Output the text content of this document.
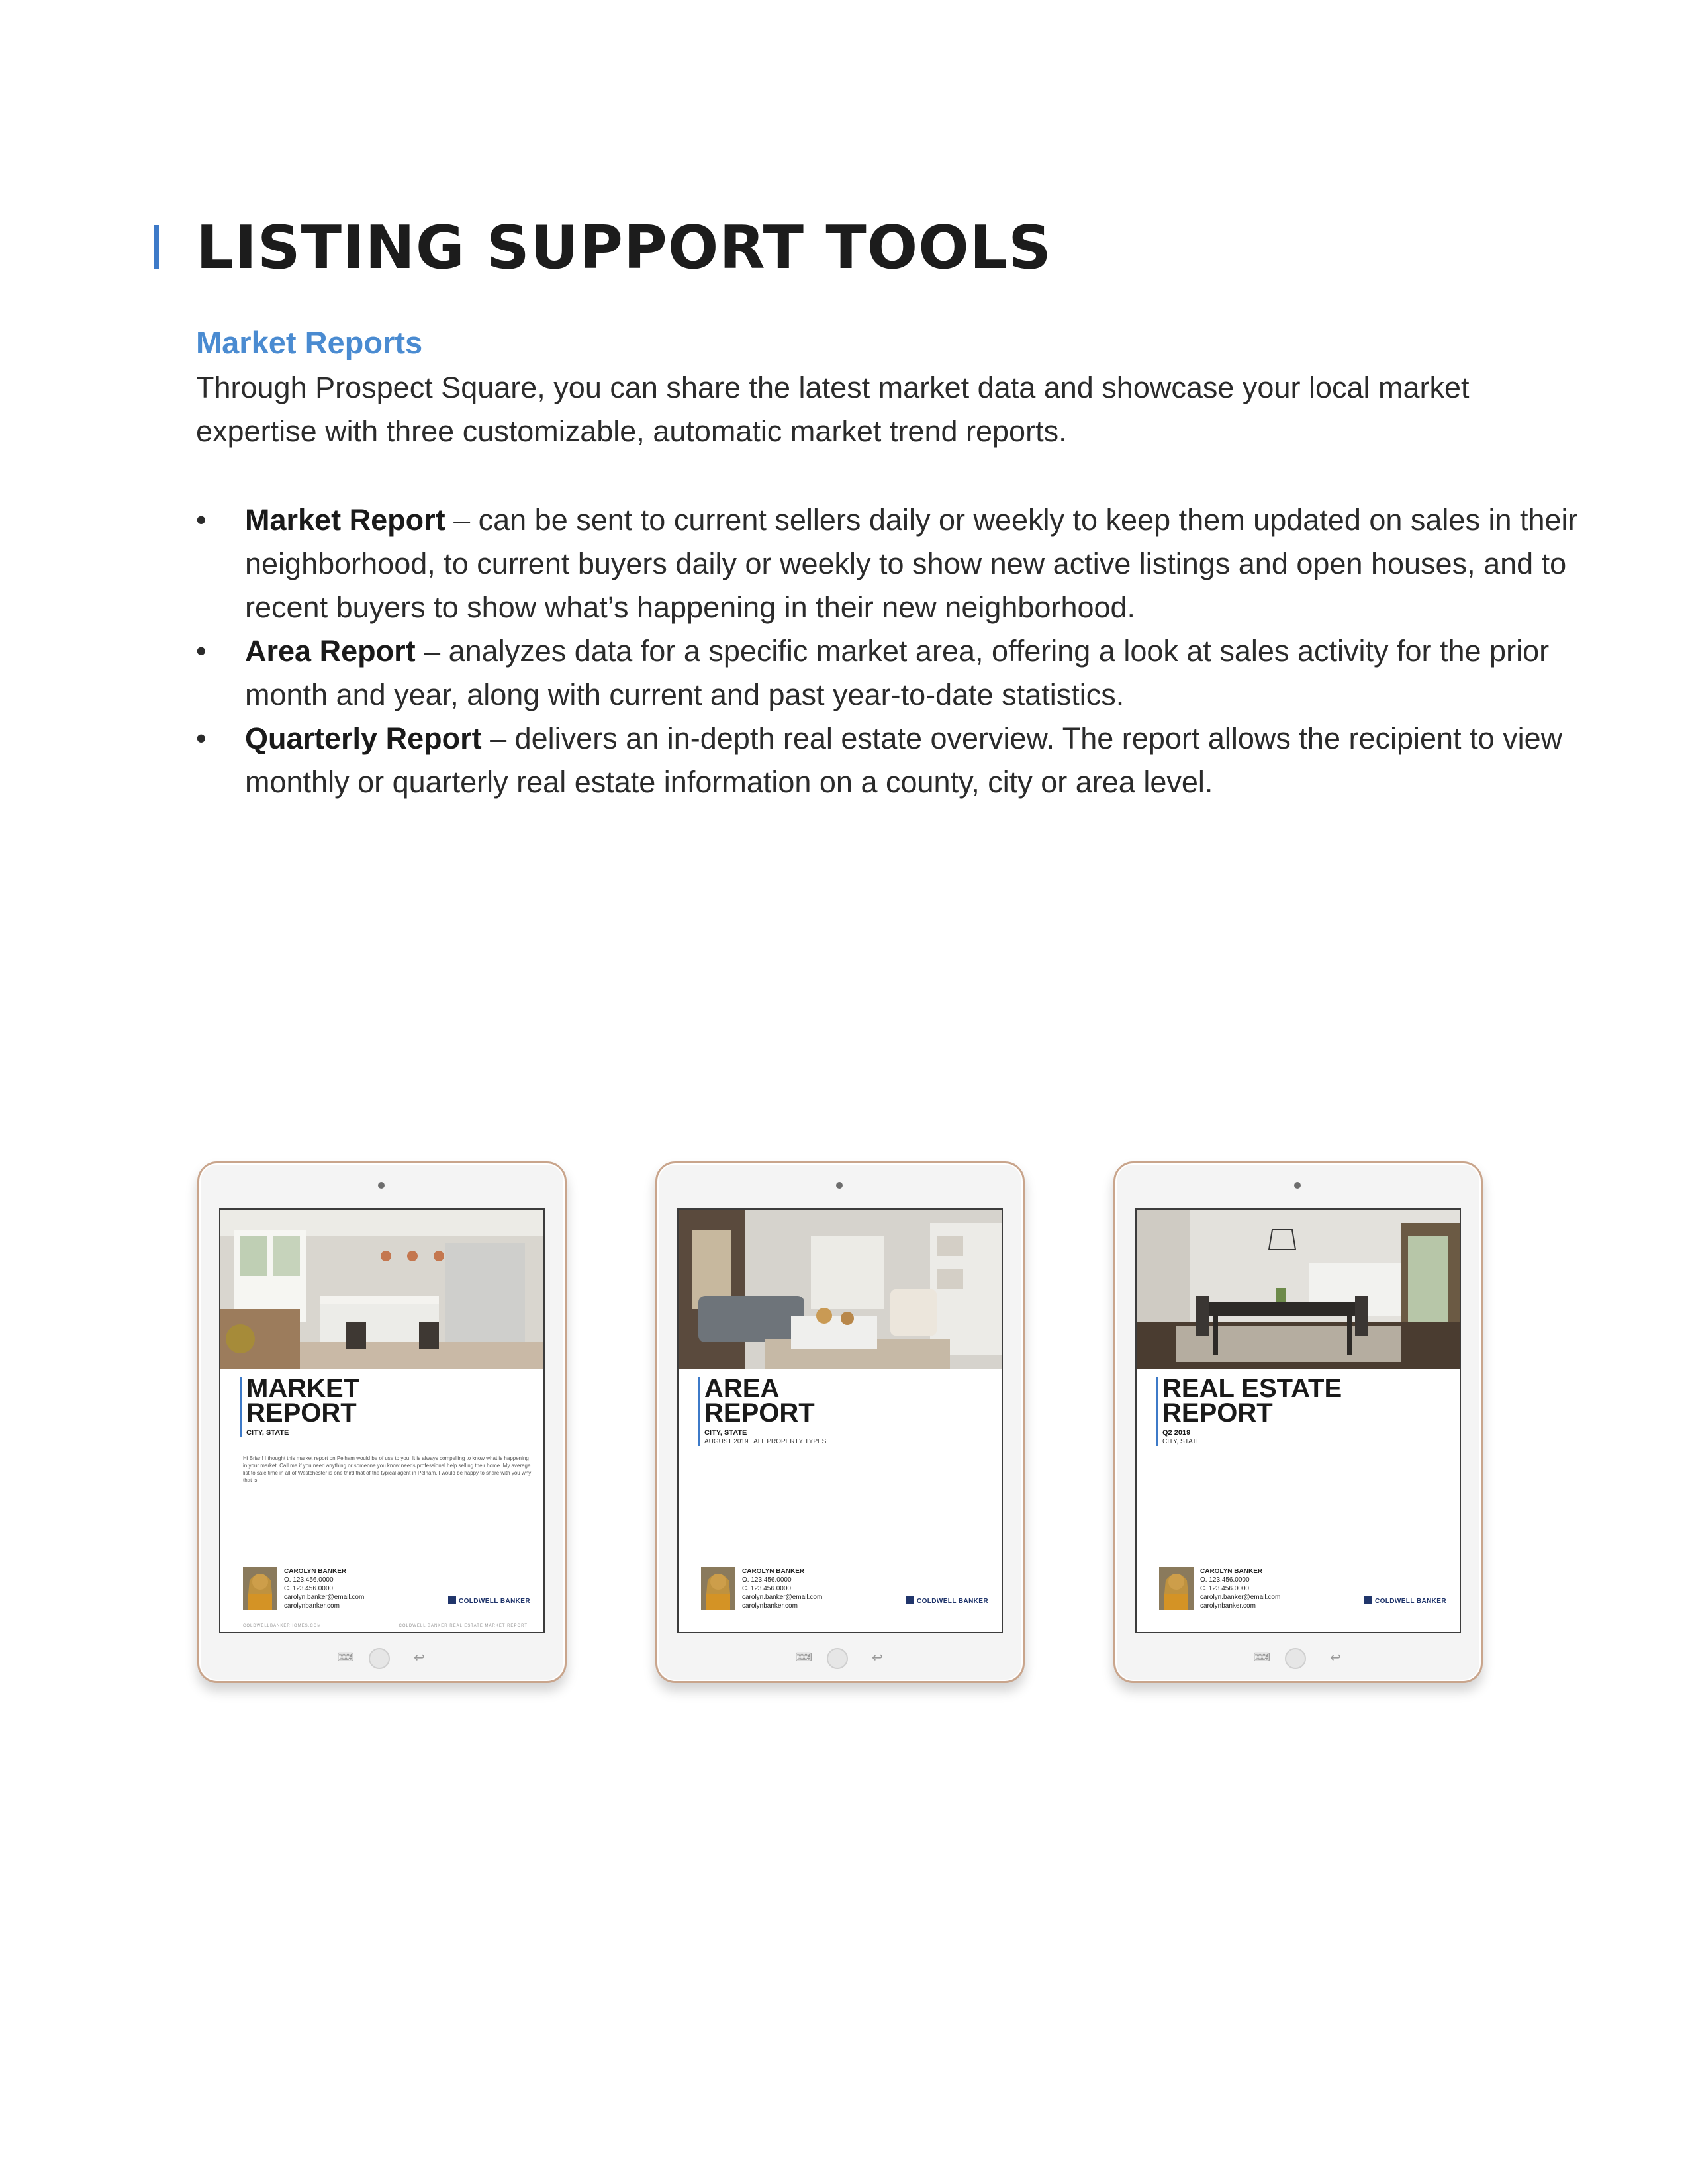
LISTING SUPPORT TOOLS
Market Reports
Through Prospect Square, you can share the latest market data and showcase your local market expertise with three customizable, automatic market trend reports.
• Market Report – can be sent to current sellers daily or weekly to keep them updated on sales in their neighborhood, to current buyers daily or weekly to show new active listings and open houses, and to recent buyers to show what’s happening in their new neighborhood.
• Area Report – analyzes data for a specific market area, offering a look at sales activity for the prior month and year, along with current and past year-to-date statistics.
• Quarterly Report – delivers an in-depth real estate overview. The report allows the recipient to view monthly or quarterly real estate information on a county, city or area level.
MARKET
REPORT
CITY, STATE
Hi Brian! I thought this market report on Pelham would be of use to you! It is always compelling to know what is happening in your market. Call me if you need anything or someone you know needs professional help selling their home. My average list to sale time in all of Westchester is one third that of the typical agent in Pelham. I would be happy to share with you why that is!
CAROLYN BANKER
O. 123.456.0000
C. 123.456.0000
carolyn.banker@email.com
carolynbanker.com
COLDWELL BANKER
COLDWELLBANKERHOMES.COM	COLDWELL BANKER REAL ESTATE MARKET REPORT
⌨	↩
AREA
REPORT
CITY, STATE
AUGUST 2019 | ALL PROPERTY TYPES
CAROLYN BANKER
O. 123.456.0000
C. 123.456.0000
carolyn.banker@email.com
carolynbanker.com
COLDWELL BANKER
⌨	↩
REAL ESTATE
REPORT
Q2 2019
CITY, STATE
CAROLYN BANKER
O. 123.456.0000
C. 123.456.0000
carolyn.banker@email.com
carolynbanker.com
COLDWELL BANKER
⌨	↩
